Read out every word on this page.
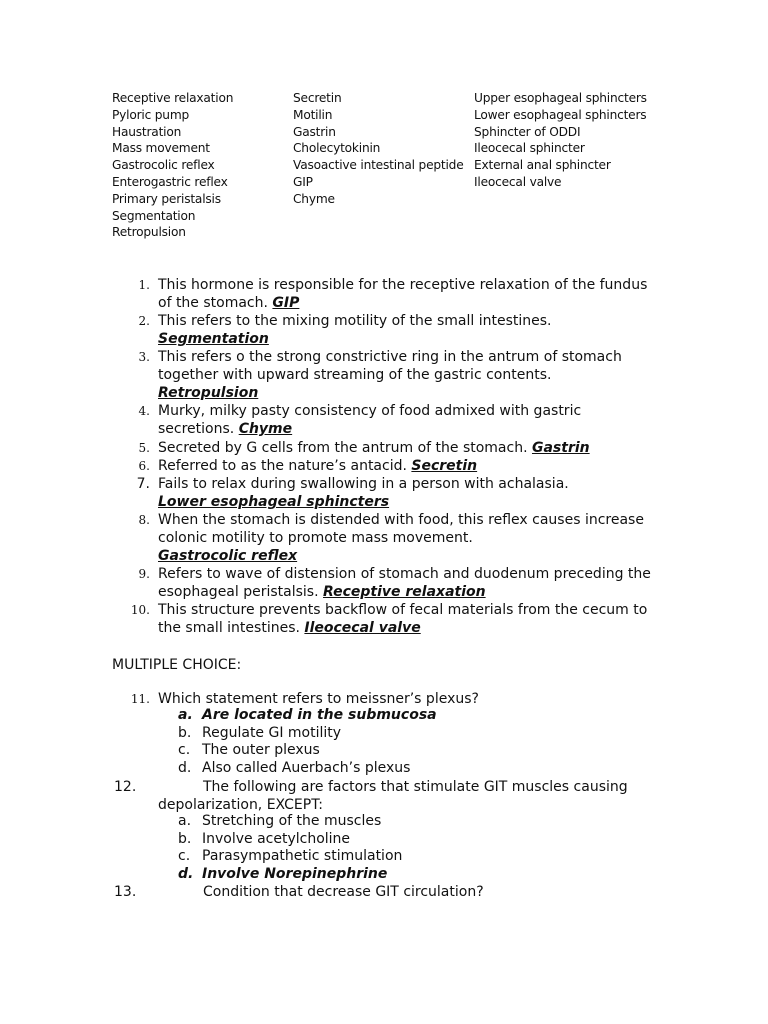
Receptive relaxation
Pyloric pump
Haustration
Mass movement
Gastrocolic reflex
Enterogastric reflex
Primary peristalsis
Segmentation
Retropulsion
Secretin
Motilin
Gastrin
Cholecytokinin
Vasoactive intestinal peptide
GIP
Chyme
Upper esophageal sphincters
Lower esophageal sphincters
Sphincter of ODDI
Ileocecal sphincter
External anal sphincter
Ileocecal valve
1. This hormone is responsible for the receptive relaxation of the fundus of the stomach. GIP
2. This refers to the mixing motility of the small intestines.
Segmentation
3. This refers o the strong constrictive ring in the antrum of stomach together with upward streaming of the gastric contents.
Retropulsion
4. Murky, milky pasty consistency of food admixed with gastric secretions. Chyme
5. Secreted by G cells from the antrum of the stomach. Gastrin
6. Referred to as the nature’s antacid. Secretin
7. Fails to relax during swallowing in a person with achalasia.
Lower esophageal sphincters
8. When the stomach is distended with food, this reflex causes increase colonic motility to promote mass movement.
Gastrocolic reflex
9. Refers to wave of distension of stomach and duodenum preceding the esophageal peristalsis. Receptive relaxation
10. This structure prevents backflow of fecal materials from the cecum to the small intestines. Ileocecal valve
MULTIPLE CHOICE:
11. Which statement refers to meissner’s plexus?
a. Are located in the submucosa
b. Regulate GI motility
c. The outer plexus
d. Also called Auerbach’s plexus
12.	The following are factors that stimulate GIT muscles causing
depolarization, EXCEPT:
a. Stretching of the muscles
b. Involve acetylcholine
c. Parasympathetic stimulation
d. Involve Norepinephrine
13.	Condition that decrease GIT circulation?
